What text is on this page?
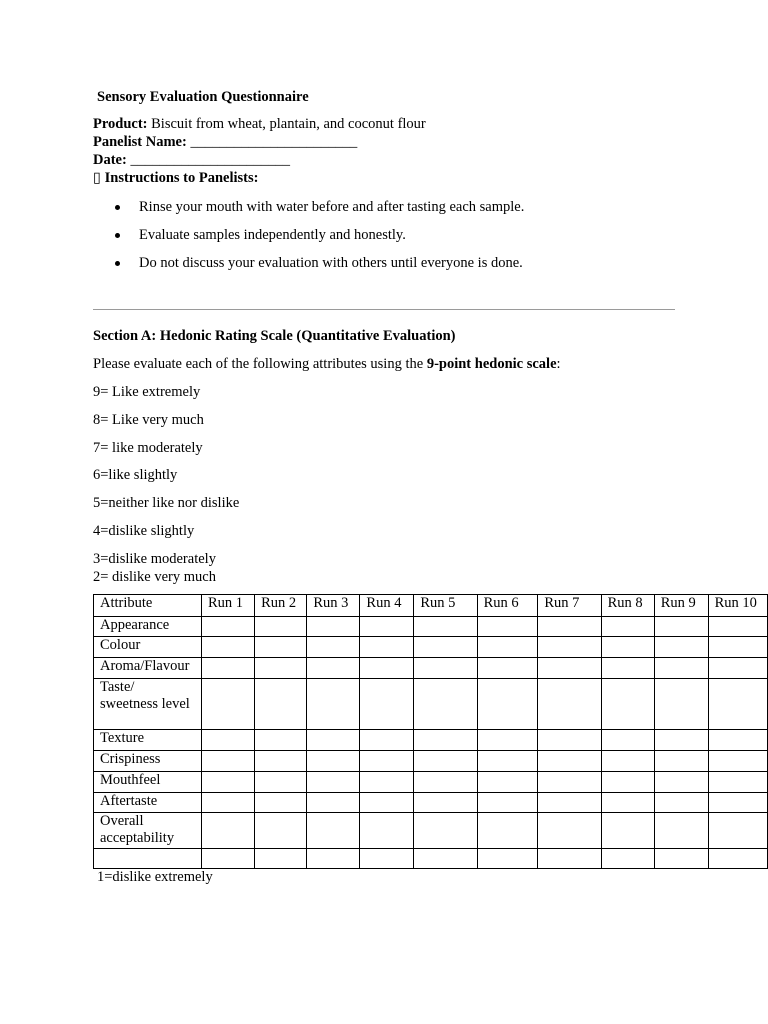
Sensory Evaluation Questionnaire
Product: Biscuit from wheat, plantain, and coconut flour
Panelist Name: _______________________
Date: ______________________
▯ Instructions to Panelists:
Rinse your mouth with water before and after tasting each sample.
Evaluate samples independently and honestly.
Do not discuss your evaluation with others until everyone is done.
Section A: Hedonic Rating Scale (Quantitative Evaluation)
Please evaluate each of the following attributes using the 9-point hedonic scale:
9= Like extremely
8= Like very much
7= like moderately
6=like slightly
5=neither like nor dislike
4=dislike slightly
3=dislike moderately
2= dislike very much
Attribute	Run 1	Run 2	Run 3	Run 4	Run 5	Run 6	Run 7	Run 8	Run 9	Run 10
Appearance										
Colour										
Aroma/Flavour										
Taste/ sweetness level										
Texture										
Crispiness										
Mouthfeel										
Aftertaste										
Overall acceptability										

1=dislike extremely
